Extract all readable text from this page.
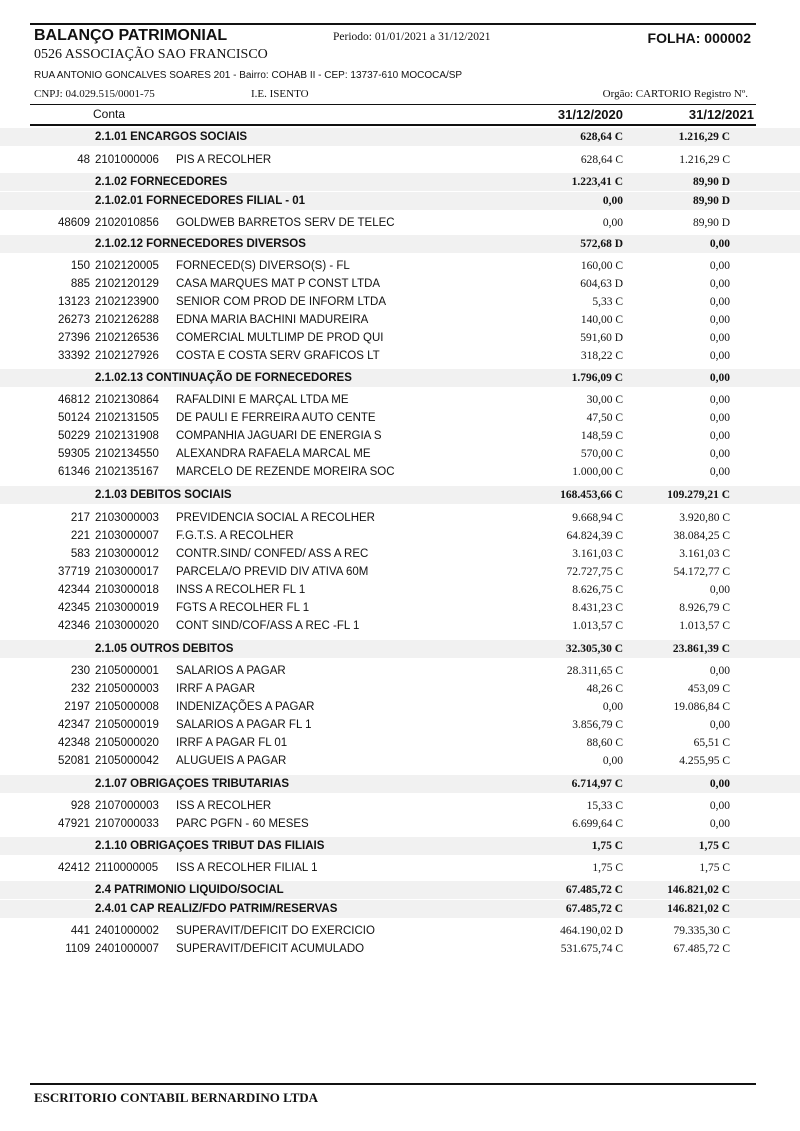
BALANÇO PATRIMONIAL	Periodo: 01/01/2021 a 31/12/2021	FOLHA: 000002
0526 ASSOCIAÇÃO SAO FRANCISCO
RUA ANTONIO GONCALVES SOARES 201 - Bairro: COHAB II - CEP: 13737-610 MOCOCA/SP
CNPJ: 04.029.515/0001-75	I.E. ISENTO	Orgão: CARTORIO Registro Nº.
Conta	31/12/2020	31/12/2021
2.1.01 ENCARGOS SOCIAIS	628,64 C	1.216,29 C
48 2101000006 PIS A RECOLHER	628,64 C	1.216,29 C
2.1.02 FORNECEDORES	1.223,41 C	89,90 D
2.1.02.01 FORNECEDORES FILIAL - 01	0,00	89,90 D
48609 2102010856 GOLDWEB BARRETOS SERV DE TELEC	0,00	89,90 D
2.1.02.12 FORNECEDORES DIVERSOS	572,68 D	0,00
150 2102120005 FORNECED(S) DIVERSO(S) - FL	160,00 C	0,00
885 2102120129 CASA MARQUES MAT P CONST LTDA	604,63 D	0,00
13123 2102123900 SENIOR COM PROD DE INFORM LTDA	5,33 C	0,00
26273 2102126288 EDNA MARIA BACHINI MADUREIRA	140,00 C	0,00
27396 2102126536 COMERCIAL MULTLIMP DE PROD QUI	591,60 D	0,00
33392 2102127926 COSTA E COSTA SERV GRAFICOS LT	318,22 C	0,00
2.1.02.13 CONTINUAÇÃO DE FORNECEDORES	1.796,09 C	0,00
46812 2102130864 RAFALDINI E MARÇAL LTDA ME	30,00 C	0,00
50124 2102131505 DE PAULI E FERREIRA AUTO CENTE	47,50 C	0,00
50229 2102131908 COMPANHIA JAGUARI DE ENERGIA S	148,59 C	0,00
59305 2102134550 ALEXANDRA RAFAELA MARCAL ME	570,00 C	0,00
61346 2102135167 MARCELO DE REZENDE MOREIRA SOC	1.000,00 C	0,00
2.1.03 DEBITOS SOCIAIS	168.453,66 C	109.279,21 C
217 2103000003 PREVIDENCIA SOCIAL A RECOLHER	9.668,94 C	3.920,80 C
221 2103000007 F.G.T.S. A RECOLHER	64.824,39 C	38.084,25 C
583 2103000012 CONTR.SIND/ CONFED/ ASS A REC	3.161,03 C	3.161,03 C
37719 2103000017 PARCELA/O PREVID DIV ATIVA 60M	72.727,75 C	54.172,77 C
42344 2103000018 INSS A RECOLHER FL 1	8.626,75 C	0,00
42345 2103000019 FGTS A RECOLHER FL 1	8.431,23 C	8.926,79 C
42346 2103000020 CONT SIND/COF/ASS A REC -FL 1	1.013,57 C	1.013,57 C
2.1.05 OUTROS DEBITOS	32.305,30 C	23.861,39 C
230 2105000001 SALARIOS A PAGAR	28.311,65 C	0,00
232 2105000003 IRRF A PAGAR	48,26 C	453,09 C
2197 2105000008 INDENIZAÇÕES A PAGAR	0,00	19.086,84 C
42347 2105000019 SALARIOS A PAGAR FL 1	3.856,79 C	0,00
42348 2105000020 IRRF A PAGAR FL 01	88,60 C	65,51 C
52081 2105000042 ALUGUEIS A PAGAR	0,00	4.255,95 C
2.1.07 OBRIGAÇOES TRIBUTARIAS	6.714,97 C	0,00
928 2107000003 ISS A RECOLHER	15,33 C	0,00
47921 2107000033 PARC PGFN - 60 MESES	6.699,64 C	0,00
2.1.10 OBRIGAÇOES TRIBUT DAS FILIAIS	1,75 C	1,75 C
42412 2110000005 ISS A RECOLHER FILIAL 1	1,75 C	1,75 C
2.4 PATRIMONIO LIQUIDO/SOCIAL	67.485,72 C	146.821,02 C
2.4.01 CAP REALIZ/FDO PATRIM/RESERVAS	67.485,72 C	146.821,02 C
441 2401000002 SUPERAVIT/DEFICIT DO EXERCICIO	464.190,02 D	79.335,30 C
1109 2401000007 SUPERAVIT/DEFICIT ACUMULADO	531.675,74 C	67.485,72 C
ESCRITORIO CONTABIL BERNARDINO LTDA
